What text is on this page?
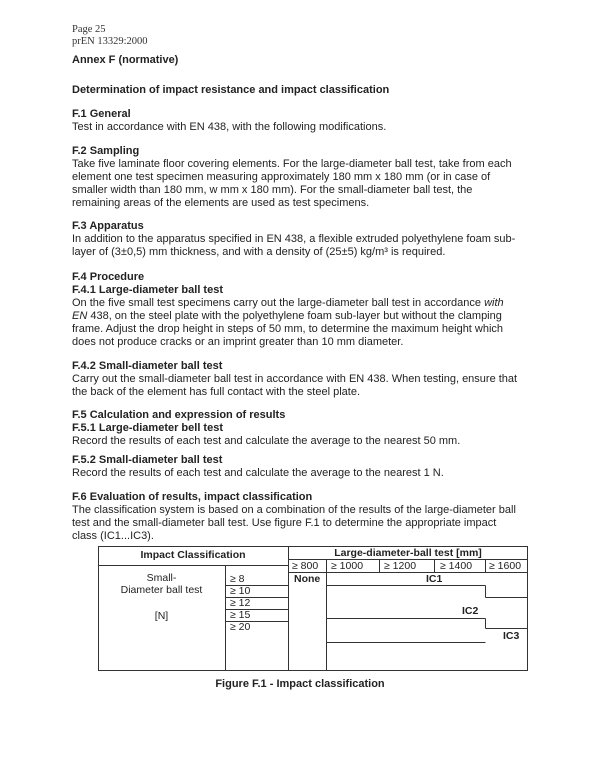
Page 25
prEN 13329:2000
Annex F (normative)
Determination of impact resistance and impact classification
F.1 General
Test in accordance with EN 438, with the following modifications.
F.2 Sampling
Take five laminate floor covering elements. For the large-diameter ball test, take from each
element one test specimen measuring approximately 180 mm x 180 mm (or in case of
smaller width than 180 mm, w mm x 180 mm). For the small-diameter ball test, the
remaining areas of the elements are used as test specimens.
F.3 Apparatus
In addition to the apparatus specified in EN 438, a flexible extruded polyethylene foam sub-
layer of (3±0,5) mm thickness, and with a density of (25±5) kg/m³ is required.
F.4 Procedure
F.4.1 Large-diameter ball test
On the five small test specimens carry out the large-diameter ball test in accordance with
EN 438, on the steel plate with the polyethylene foam sub-layer but without the clamping
frame. Adjust the drop height in steps of 50 mm, to determine the maximum height which
does not produce cracks or an imprint greater than 10 mm diameter.
F.4.2 Small-diameter ball test
Carry out the small-diameter ball test in accordance with EN 438. When testing, ensure that
the back of the element has full contact with the steel plate.
F.5 Calculation and expression of results
F.5.1 Large-diameter bell test
Record the results of each test and calculate the average to the nearest 50 mm.
F.5.2 Small-diameter ball test
Record the results of each test and calculate the average to the nearest 1 N.
F.6 Evaluation of results, impact classification
The classification system is based on a combination of the results of the large-diameter ball
test and the small-diameter ball test. Use figure F.1 to determine the appropriate impact
class (IC1...IC3).
Impact Classification	Large-diameter-ball test [mm]
≥ 800 ≥ 1000 ≥ 1200 ≥ 1400 ≥ 1600
Small-
Diameter ball test
[N]
≥ 8
≥ 10
≥ 12
≥ 15
≥ 20
None	IC1
IC2
IC3
Figure F.1 - Impact classification
